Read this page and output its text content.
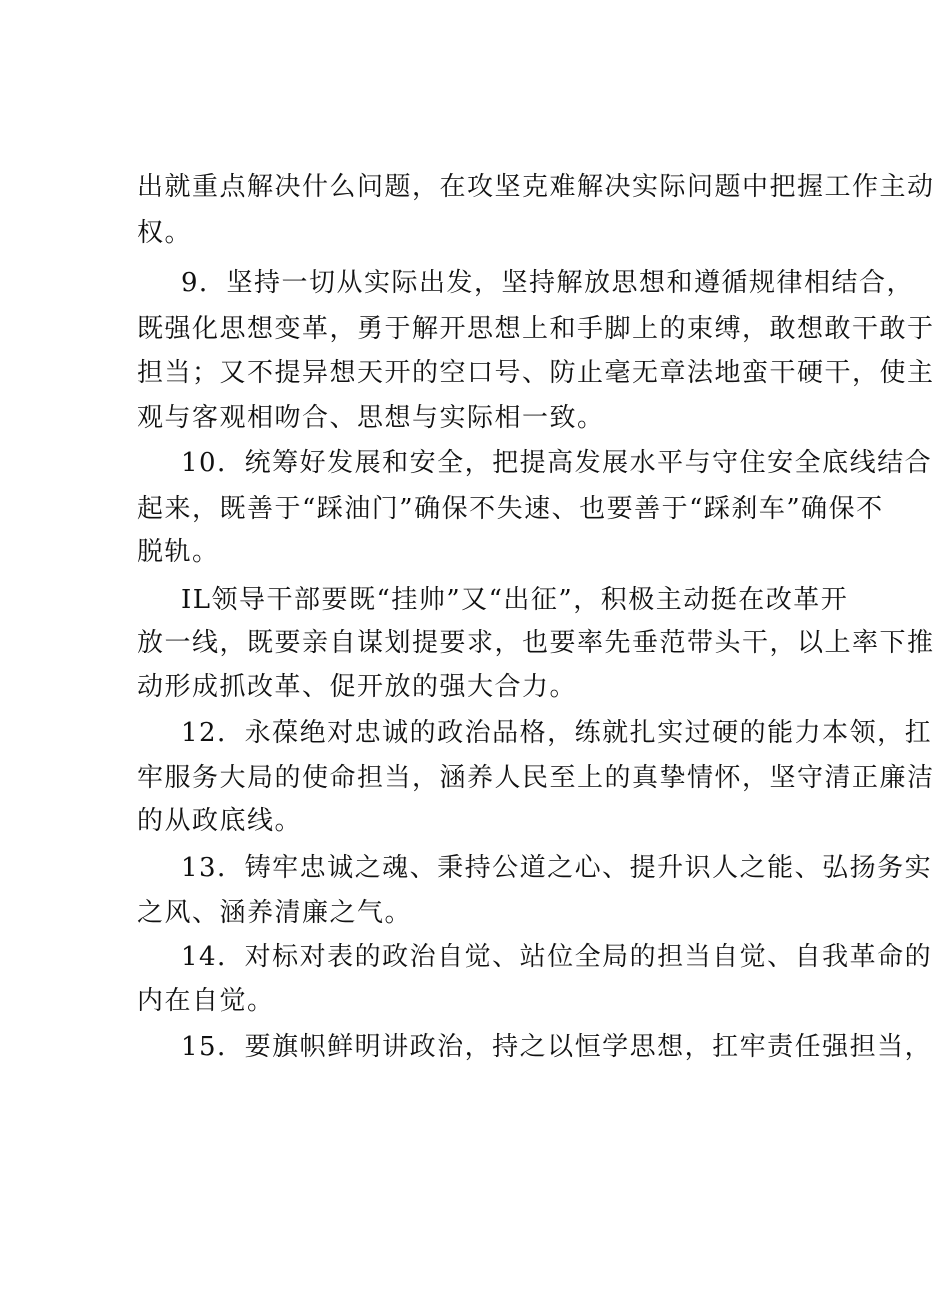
出就重点解决什么问题，在攻坚克难解决实际问题中把握工作主动
权。
9．坚持一切从实际出发，坚持解放思想和遵循规律相结合，
既强化思想变革，勇于解开思想上和手脚上的束缚，敢想敢干敢于
担当；又不提异想天开的空口号、防止毫无章法地蛮干硬干，使主
观与客观相吻合、思想与实际相一致。
10．统筹好发展和安全，把提高发展水平与守住安全底线结合
起来，既善于“踩油门”确保不失速、也要善于“踩刹车”确保不
脱轨。
IL领导干部要既“挂帅”又“出征”，积极主动挺在改革开
放一线，既要亲自谋划提要求，也要率先垂范带头干，以上率下推
动形成抓改革、促开放的强大合力。
12．永葆绝对忠诚的政治品格，练就扎实过硬的能力本领，扛
牢服务大局的使命担当，涵养人民至上的真挚情怀，坚守清正廉洁
的从政底线。
13．铸牢忠诚之魂、秉持公道之心、提升识人之能、弘扬务实
之风、涵养清廉之气。
14．对标对表的政治自觉、站位全局的担当自觉、自我革命的
内在自觉。
15．要旗帜鲜明讲政治，持之以恒学思想，扛牢责任强担当，
